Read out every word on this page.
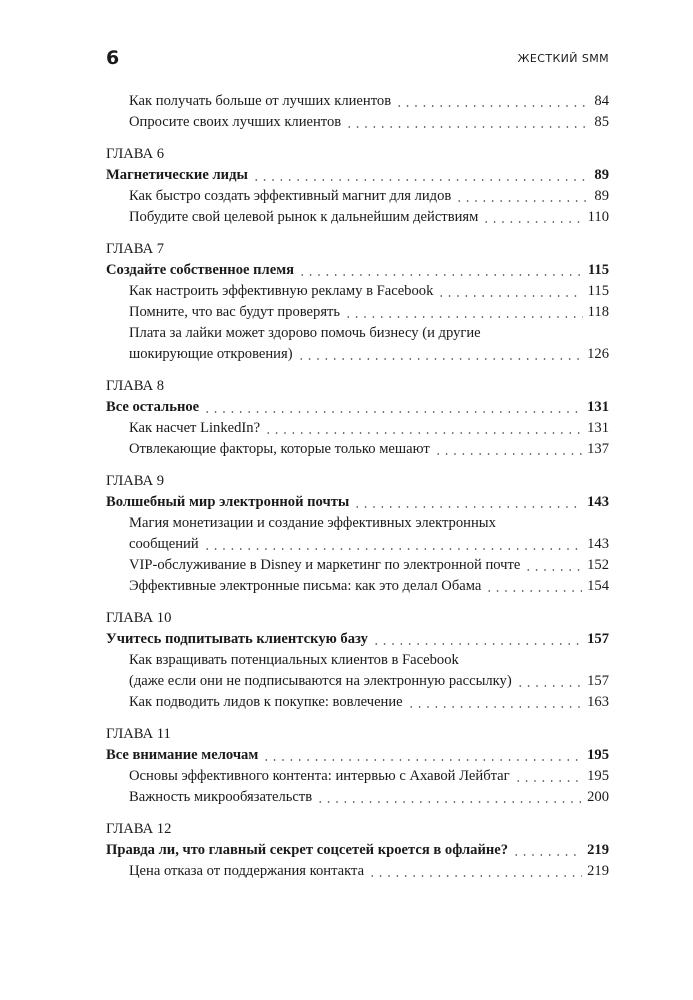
6	ЖЕСТКИЙ SMM
Как получать больше от лучших клиентов	84
Опросите своих лучших клиентов	85
ГЛАВА 6
Магнетические лиды	89
Как быстро создать эффективный магнит для лидов	89
Побудите свой целевой рынок к дальнейшим действиям	110
ГЛАВА 7
Создайте собственное племя	115
Как настроить эффективную рекламу в Facebook	115
Помните, что вас будут проверять	118
Плата за лайки может здорово помочь бизнесу (и другие
шокирующие откровения)	126
ГЛАВА 8
Все остальное	131
Как насчет LinkedIn?	131
Отвлекающие факторы, которые только мешают	137
ГЛАВА 9
Волшебный мир электронной почты	143
Магия монетизации и создание эффективных электронных
сообщений	143
VIP-обслуживание в Disney и маркетинг по электронной почте	152
Эффективные электронные письма: как это делал Обама	154
ГЛАВА 10
Учитесь подпитывать клиентскую базу	157
Как взращивать потенциальных клиентов в Facebook
(даже если они не подписываются на электронную рассылку)	157
Как подводить лидов к покупке: вовлечение	163
ГЛАВА 11
Все внимание мелочам	195
Основы эффективного контента: интервью с Ахавой Лейбтаг	195
Важность микрообязательств	200
ГЛАВА 12
Правда ли, что главный секрет соцсетей кроется в офлайне?	219
Цена отказа от поддержания контакта	219
